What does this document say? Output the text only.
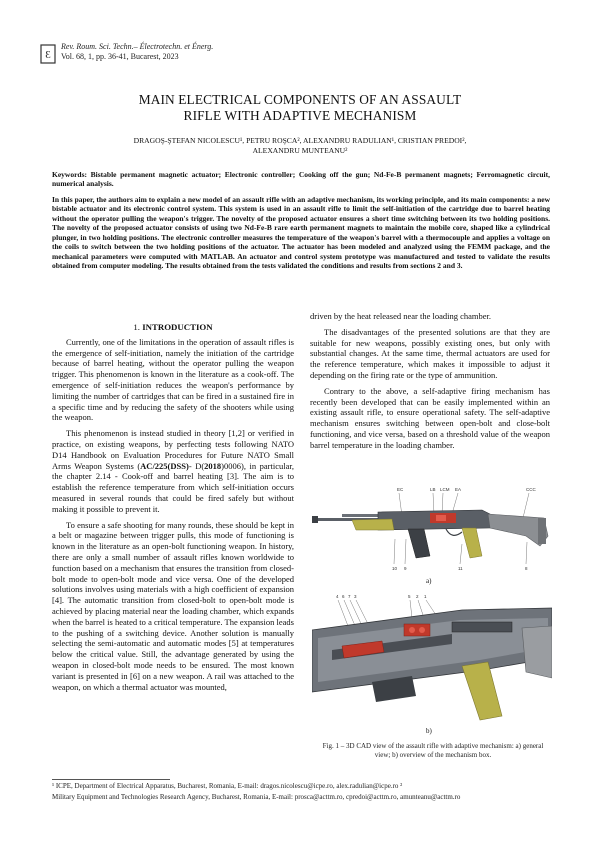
Ɛ
Rev. Roum. Sci. Techn.– Électrotechn. et Énerg.
Vol. 68, 1, pp. 36-41, Bucarest, 2023
MAIN ELECTRICAL COMPONENTS OF AN ASSAULT
RIFLE WITH ADAPTIVE MECHANISM
DRAGOŞ-ŞTEFAN NICOLESCU¹, PETRU ROŞCA², ALEXANDRU RADULIAN¹, CRISTIAN PREDOI²,
ALEXANDRU MUNTEANU²
Keywords: Bistable permanent magnetic actuator; Electronic controller; Cooking off the gun; Nd-Fe-B permanent magnets; Ferromagnetic circuit, numerical analysis.
In this paper, the authors aim to explain a new model of an assault rifle with an adaptive mechanism, its working principle, and its main components: a new bistable actuator and its electronic control system. This system is used in an assault rifle to limit the self-initiation of the cartridge due to barrel heating without the operator pulling the weapon's trigger. The novelty of the proposed actuator ensures a short time switching between its two holding positions. The novelty of the proposed actuator consists of using two Nd-Fe-B rare earth permanent magnets to maintain the mobile core, shaped like a cylindrical plunger, in two holding positions. The electronic controller measures the temperature of the weapon's barrel with a thermocouple and applies a voltage on the coils to switch between the two holding positions of the actuator. The actuator has been modeled and analyzed using the FEMM package, and the mechanical parameters were computed with MATLAB. An actuator and control system prototype was manufactured and tested to validate the results obtained from computer modeling. The results obtained from the tests validated the conditions and results from sections 2 and 3.
1. INTRODUCTION

Currently, one of the limitations in the operation of assault rifles is the emergence of self-initiation, namely the initiation of the cartridge because of barrel heating, without the operator pulling the weapon trigger. This phenomenon is known in the literature as a cook-off. The emergence of self-initiation reduces the weapon's performance by limiting the number of cartridges that can be fired in a sustained fire in a specific time and by reducing the safety of the shooters while using the weapon.

This phenomenon is instead studied in theory [1,2] or verified in practice, on existing weapons, by perfecting tests following NATO D14 Handbook on Evaluation Procedures for Future NATO Small Arms Weapon Systems (AC/225(DSS)- D(2018)0006), in particular, the chapter 2.14 - Cook-off and barrel heating [3]. The aim is to establish the reference temperature from which self-initiation occurs measured in several rounds that could be fired safely but without making it possible to prevent it.

To ensure a safe shooting for many rounds, these should be kept in a belt or magazine between trigger pulls, this mode of functioning is known in the literature as an open-bolt functioning weapon. In history, there are only a small number of assault rifles known worldwide to function based on a mechanism that ensures the transition from closed-bolt mode to open-bolt mode and vice versa. One of the developed solutions involves using materials with a high coefficient of expansion [4]. The automatic transition from closed-bolt to open-bolt mode is achieved by placing material near the loading chamber, which expands when the barrel is heated to a critical temperature. The expansion leads to the pushing of a switching device. Another solution is manually selecting the semi-automatic and automatic modes [5] at temperatures below the critical value. Still, the advantage generated by using the weapon in closed-bolt mode needs to be ensured. The most known variant is presented in [6] on a new weapon. A rail was attached to the weapon, on which a thermal actuator was mounted,

driven by the heat released near the loading chamber.

The disadvantages of the presented solutions are that they are suitable for new weapons, possibly existing ones, but only with substantial changes. At the same time, thermal actuators are used for the reference temperature, which makes it impossible to adjust it depending on the firing rate or the type of ammunition.

Contrary to the above, a self-adaptive firing mechanism has recently been developed that can be easily implemented within an existing assault rifle, to ensure operational safety. The self-adaptive mechanism ensures switching between open-bolt and close-bolt functioning, and vice versa, based on a threshold value of the weapon barrel temperature in the loading chamber.

EC	LB LCM EA	CCC
10 9	11	8
a)
4 6 7 3	5 2 1
b)
Fig. 1 – 3D CAD view of the assault rifle with adaptive mechanism: a) general view; b) overview of the mechanism box.

¹ ICPE, Department of Electrical Apparatus, Bucharest, Romania, E-mail: dragos.nicolescu@icpe.ro, alex.radulian@icpe.ro ²

Military Equipment and Technologies Research Agency, Bucharest, Romania, E-mail: prosca@acttm.ro, cpredoi@acttm.ro, amunteanu@acttm.ro
